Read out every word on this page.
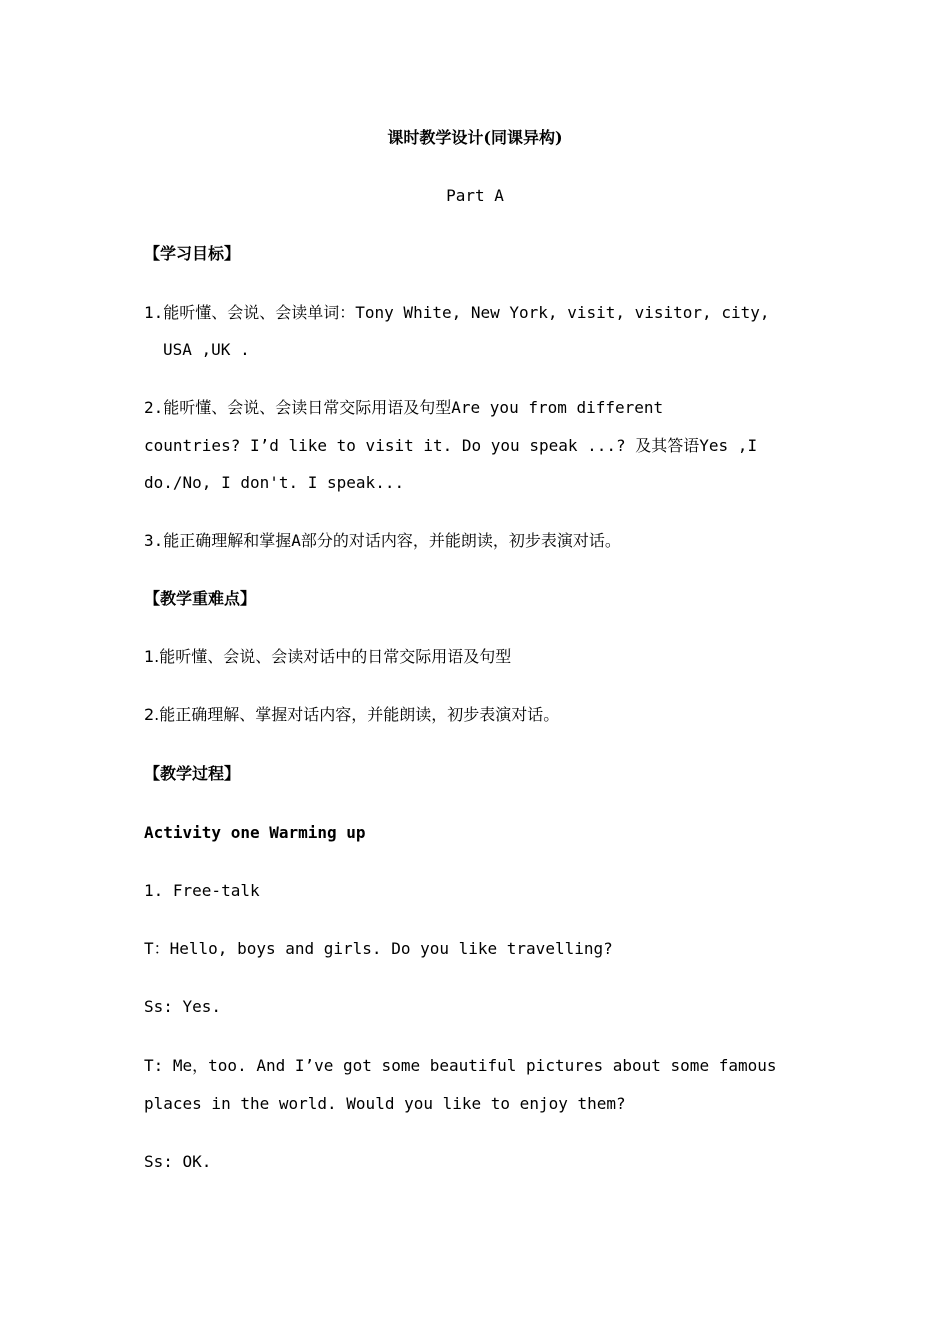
课时教学设计(同课异构)
Part A
【学习目标】
1.能听懂、会说、会读单词：Tony White, New York, visit, visitor, city,
USA ,UK .
2.能听懂、会说、会读日常交际用语及句型Are you from different
countries? I’d like to visit it. Do you speak ...? 及其答语Yes ,I
do./No, I don't. I speak...
3.能正确理解和掌握A部分的对话内容，并能朗读，初步表演对话。
【教学重难点】
1.能听懂、会说、会读对话中的日常交际用语及句型
2.能正确理解、掌握对话内容，并能朗读，初步表演对话。
【教学过程】
Activity one Warming up
1. Free-talk
T：Hello, boys and girls. Do you like travelling?
Ss: Yes.
T: Me，too. And I’ve got some beautiful pictures about some famous
places in the world. Would you like to enjoy them?
Ss: OK.
